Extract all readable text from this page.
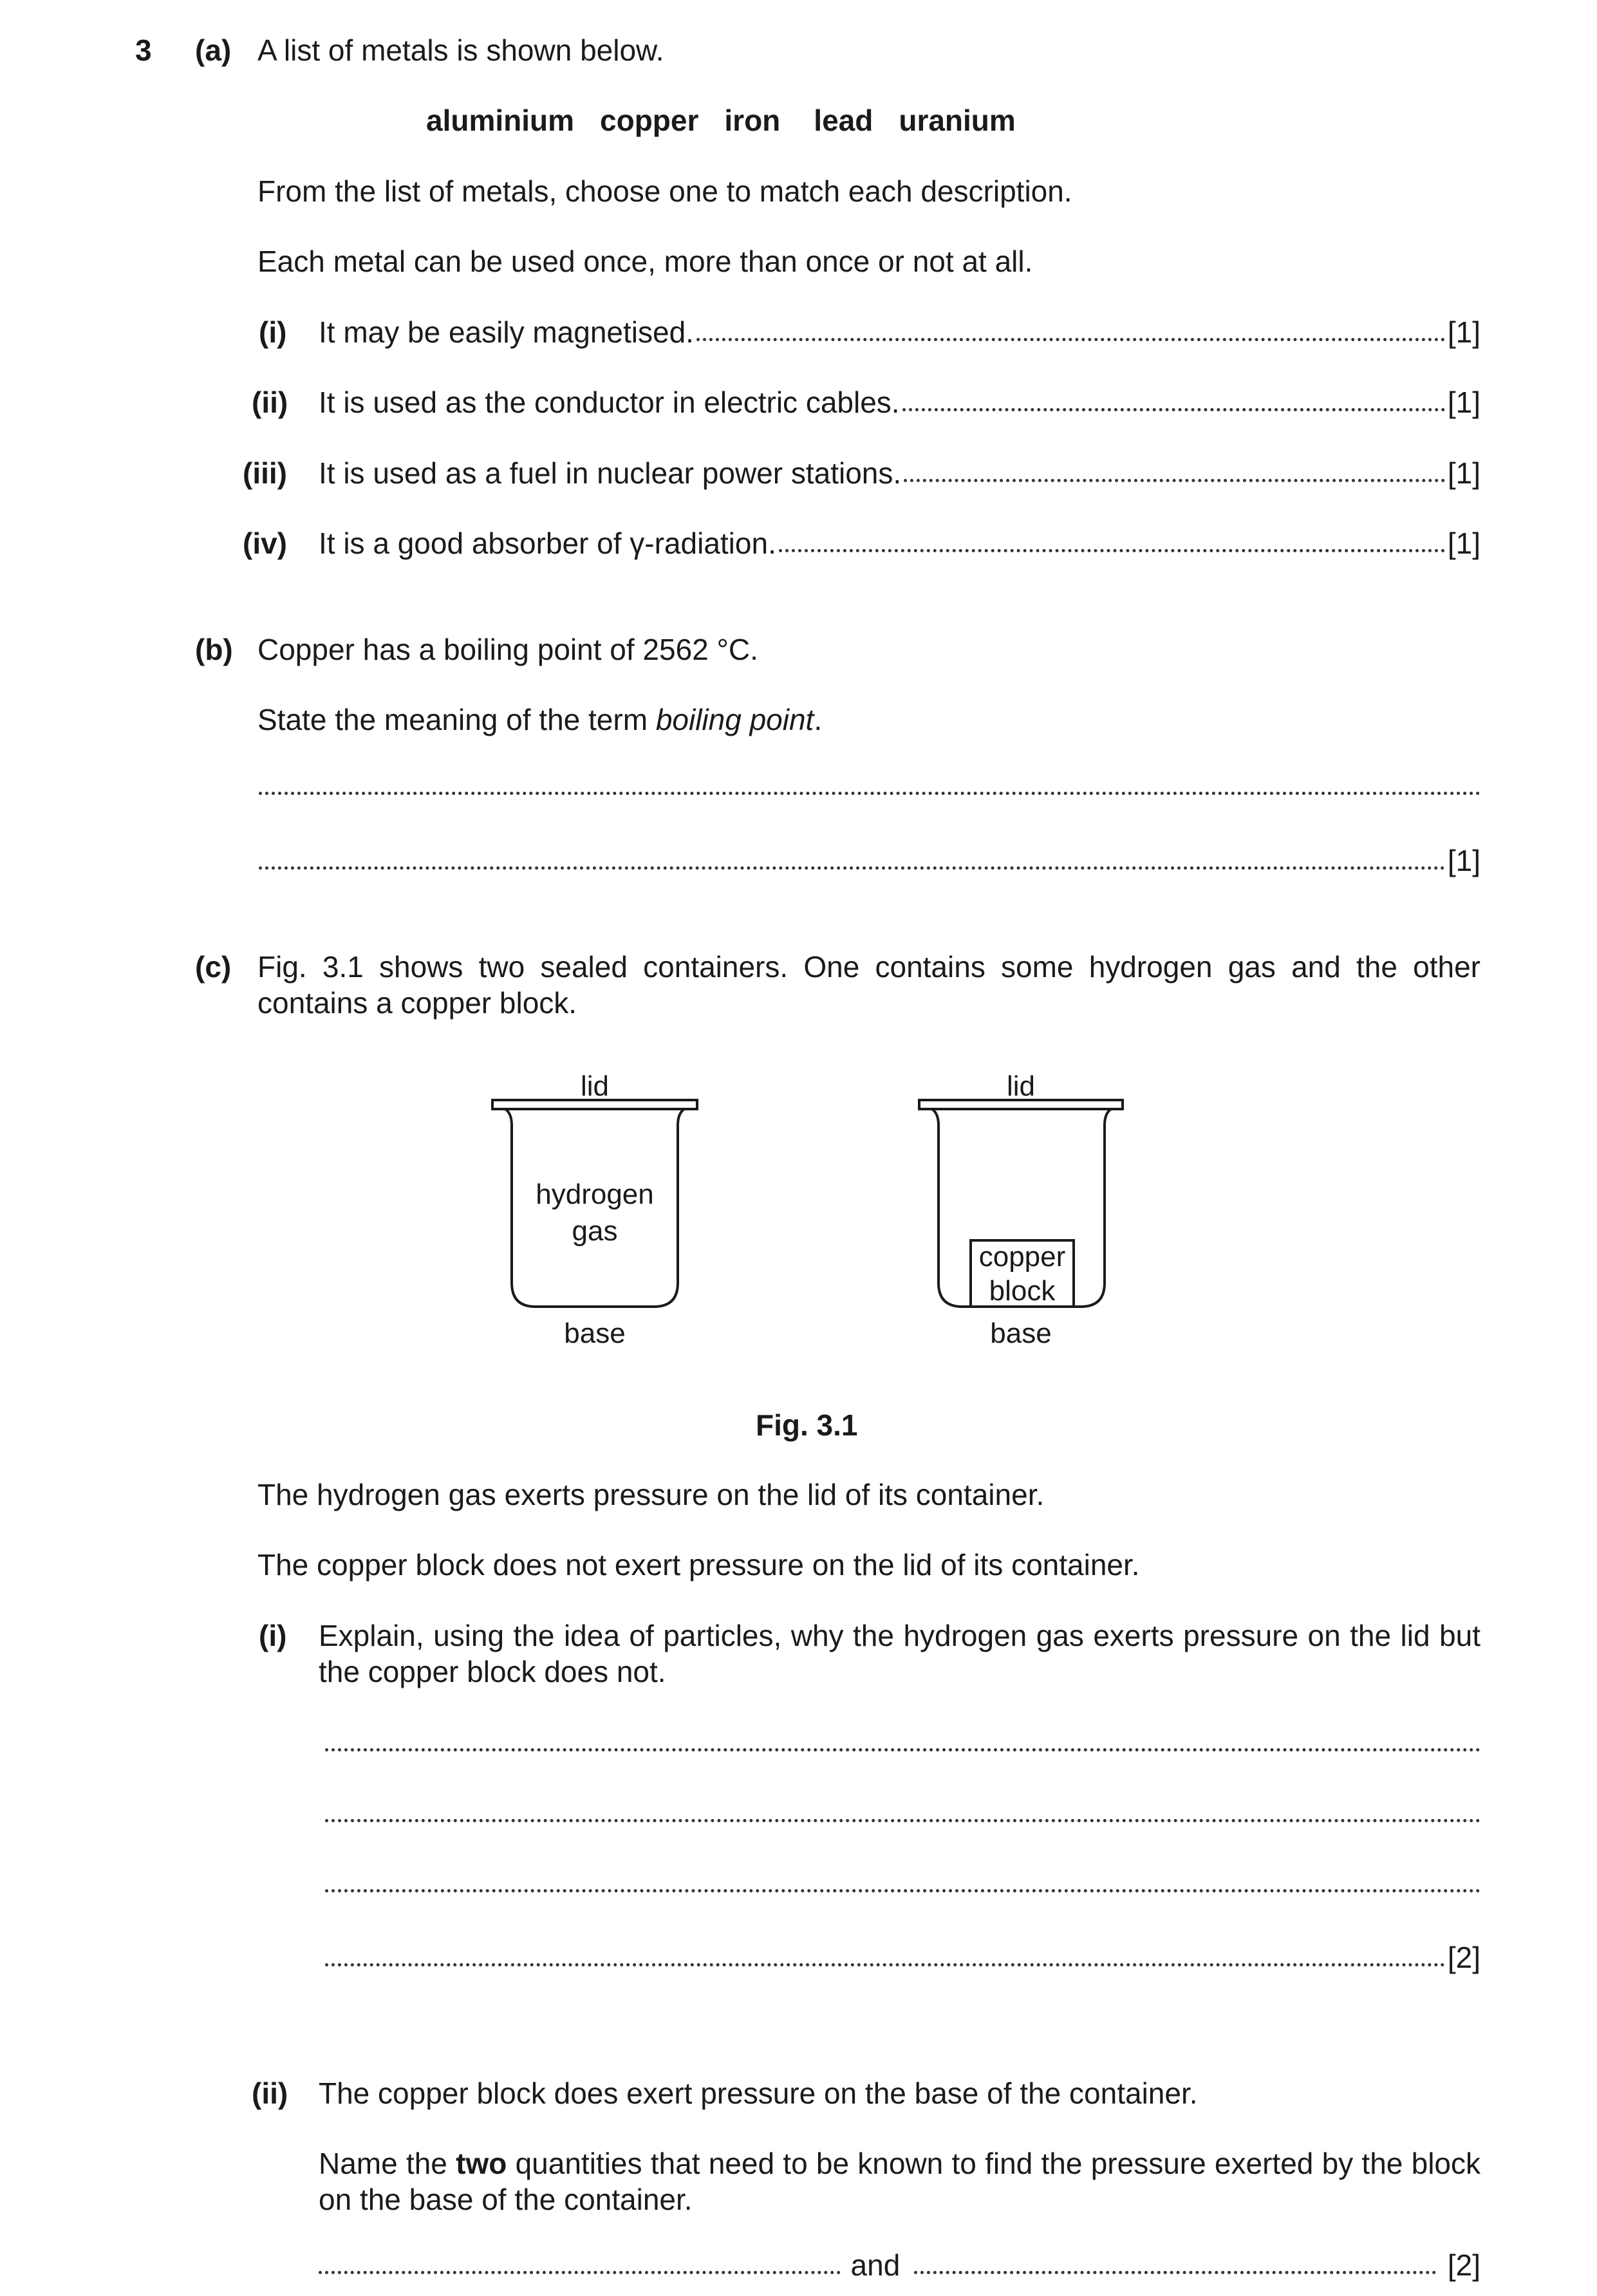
3 (a) A list of metals is shown below.
aluminium copper iron lead uranium
From the list of metals, choose one to match each description.
Each metal can be used once, more than once or not at all.
(i) It may be easily magnetised.	[1]
(ii) It is used as the conductor in electric cables.	[1]
(iii) It is used as a fuel in nuclear power stations.	[1]
(iv) It is a good absorber of γ-radiation.	[1]
(b) Copper has a boiling point of 2562 °C.
State the meaning of the term boiling point.
[1]
(c) Fig. 3.1 shows two sealed containers. One contains some hydrogen gas and the other contains a copper block.
lid
hydrogen
gas
base
lid
copper
block
base
Fig. 3.1
The hydrogen gas exerts pressure on the lid of its container.
The copper block does not exert pressure on the lid of its container.
(i) Explain, using the idea of particles, why the hydrogen gas exerts pressure on the lid but the copper block does not.
[2]
(ii) The copper block does exert pressure on the base of the container.
Name the two quantities that need to be known to find the pressure exerted by the block on the base of the container.
and	[2]
